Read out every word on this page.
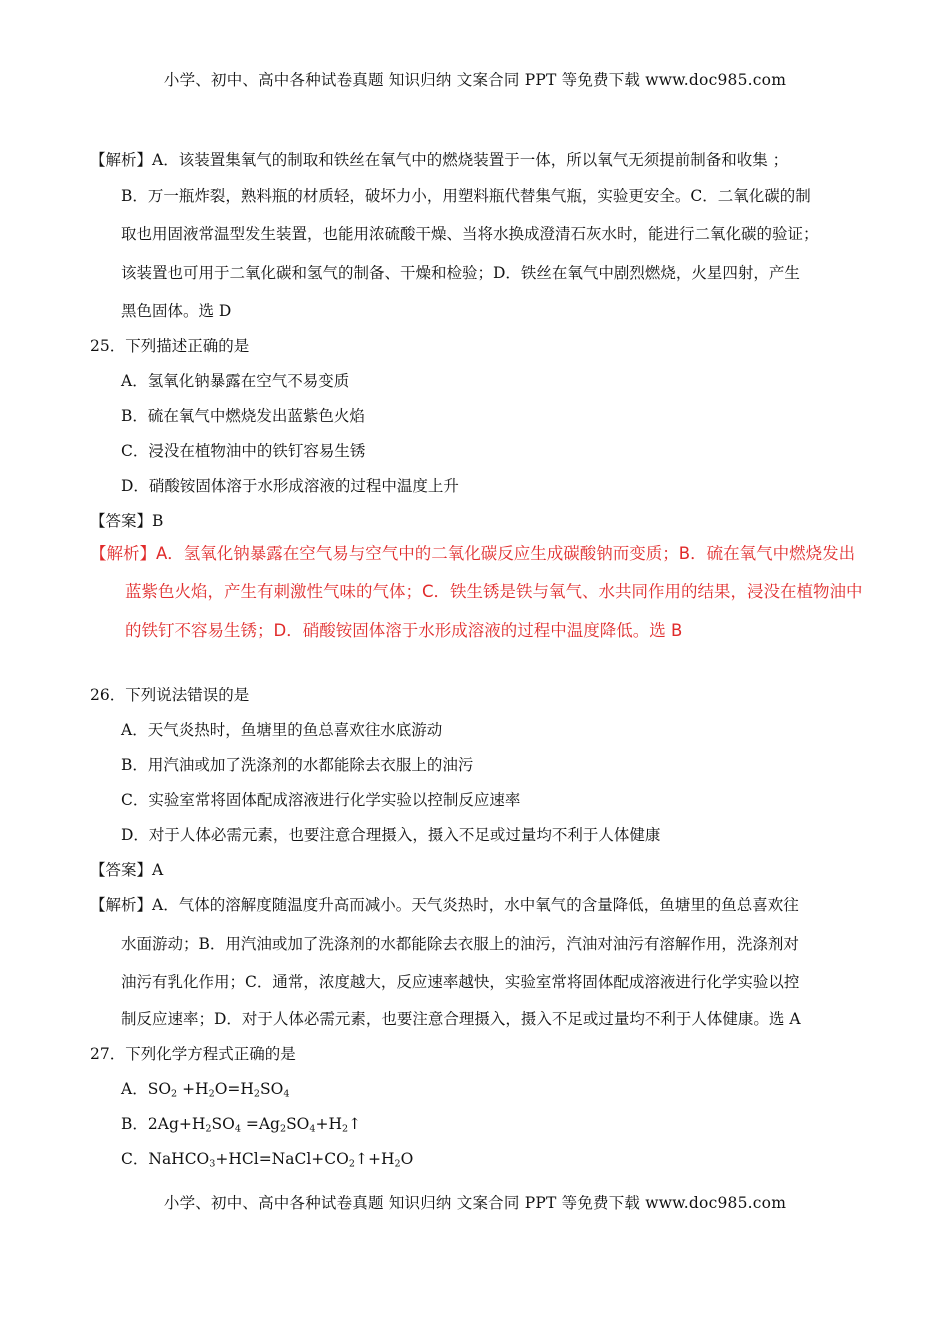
小学、初中、高中各种试卷真题 知识归纳 文案合同 PPT 等免费下载 www.doc985.com
【解析】A．该装置集氧气的制取和铁丝在氧气中的燃烧装置于一体，所以氧气无须提前制备和收集 ；
B．万一瓶炸裂，熟料瓶的材质轻，破坏力小，用塑料瓶代替集气瓶，实验更安全。C．二氧化碳的制
取也用固液常温型发生装置，也能用浓硫酸干燥、当将水换成澄清石灰水时，能进行二氧化碳的验证；
该装置也可用于二氧化碳和氢气的制备、干燥和检验；D．铁丝在氧气中剧烈燃烧，火星四射，产生
黑色固体。选 D
25．下列描述正确的是
A．氢氧化钠暴露在空气不易变质
B．硫在氧气中燃烧发出蓝紫色火焰
C．浸没在植物油中的铁钉容易生锈
D．硝酸铵固体溶于水形成溶液的过程中温度上升
【答案】B
【解析】A．氢氧化钠暴露在空气易与空气中的二氧化碳反应生成碳酸钠而变质；B．硫在氧气中燃烧发出
蓝紫色火焰，产生有刺激性气味的气体；C．铁生锈是铁与氧气、水共同作用的结果，浸没在植物油中
的铁钉不容易生锈；D．硝酸铵固体溶于水形成溶液的过程中温度降低。选 B
26．下列说法错误的是
A．天气炎热时，鱼塘里的鱼总喜欢往水底游动
B．用汽油或加了洗涤剂的水都能除去衣服上的油污
C．实验室常将固体配成溶液进行化学实验以控制反应速率
D．对于人体必需元素，也要注意合理摄入，摄入不足或过量均不利于人体健康
【答案】A
【解析】A．气体的溶解度随温度升高而减小。天气炎热时，水中氧气的含量降低，鱼塘里的鱼总喜欢往
水面游动；B．用汽油或加了洗涤剂的水都能除去衣服上的油污，汽油对油污有溶解作用，洗涤剂对
油污有乳化作用；C．通常，浓度越大，反应速率越快，实验室常将固体配成溶液进行化学实验以控
制反应速率；D．对于人体必需元素，也要注意合理摄入，摄入不足或过量均不利于人体健康。选 A
27．下列化学方程式正确的是
A．$SO_2 +H_2O=H_2SO_4$
B．$2Ag+H_2SO_4$ $=Ag_2SO_4+H_2↑$
C．$NaHCO_3+HCl=NaCl+CO_2↑+H_2O$
小学、初中、高中各种试卷真题 知识归纳 文案合同 PPT 等免费下载 www.doc985.com
